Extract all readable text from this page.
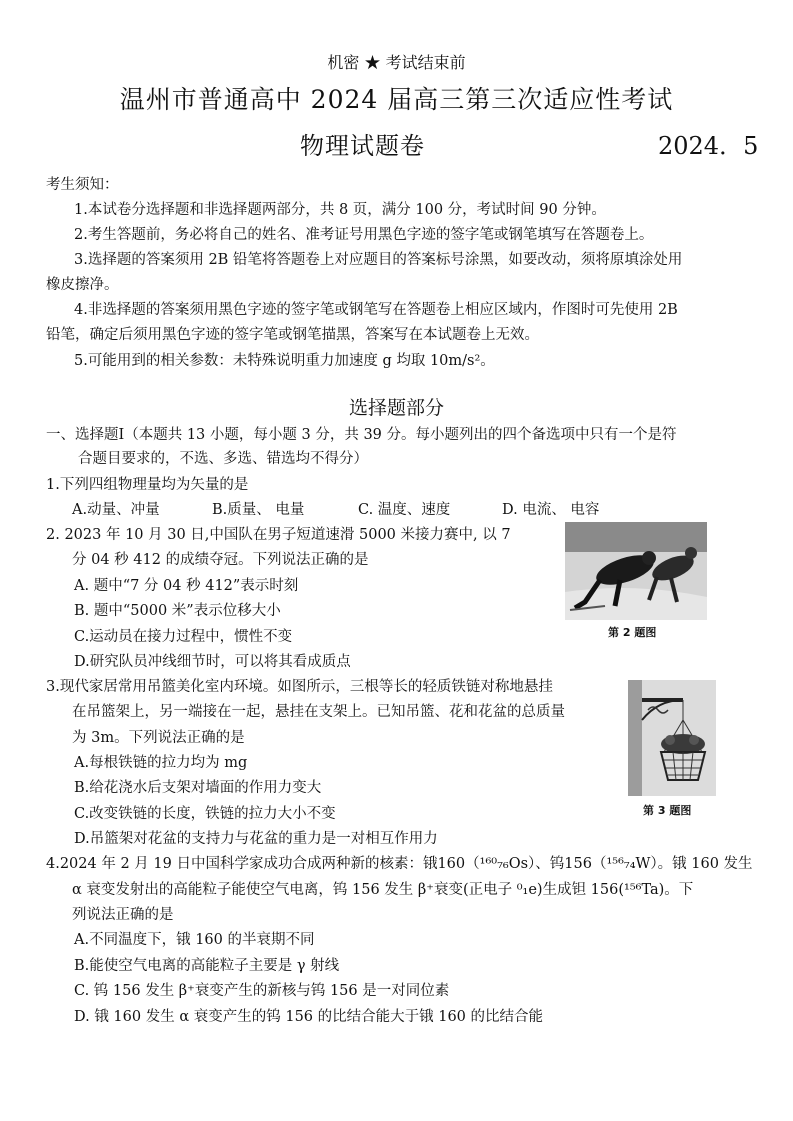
机密 ★ 考试结束前
温州市普通高中 2024 届高三第三次适应性考试
物理试题卷	2024．5
考生须知：
1.本试卷分选择题和非选择题两部分，共 8 页，满分 100 分，考试时间 90 分钟。
2.考生答题前，务必将自己的姓名、准考证号用黑色字迹的签字笔或钢笔填写在答题卷上。
3.选择题的答案须用 2B 铅笔将答题卷上对应题目的答案标号涂黑，如要改动，须将原填涂处用
橡皮擦净。
4.非选择题的答案须用黑色字迹的签字笔或钢笔写在答题卷上相应区域内，作图时可先使用 2B
铅笔，确定后须用黑色字迹的签字笔或钢笔描黑，答案写在本试题卷上无效。
5.可能用到的相关参数：未特殊说明重力加速度 g 均取 10m/s²。
选择题部分
一、选择题Ⅰ（本题共 13 小题，每小题 3 分，共 39 分。每小题列出的四个备选项中只有一个是符
合题目要求的，不选、多选、错选均不得分）
1.下列四组物理量均为矢量的是
A.动量、冲量	B.质量、 电量	C. 温度、速度	D. 电流、 电容
2. 2023 年 10 月 30 日,中国队在男子短道速滑 5000 米接力赛中, 以 7
分 04 秒 412 的成绩夺冠。下列说法正确的是
A. 题中“7 分 04 秒 412”表示时刻
B. 题中“5000 米”表示位移大小
C.运动员在接力过程中，惯性不变
D.研究队员冲线细节时，可以将其看成质点
第 2 题图
3.现代家居常用吊篮美化室内环境。如图所示，三根等长的轻质铁链对称地悬挂
在吊篮架上，另一端接在一起，悬挂在支架上。已知吊篮、花和花盆的总质量
为 3m。下列说法正确的是
A.每根铁链的拉力均为 mg
B.给花浇水后支架对墙面的作用力变大
C.改变铁链的长度，铁链的拉力大小不变
D.吊篮架对花盆的支持力与花盆的重力是一对相互作用力
第 3 题图
4.2024 年 2 月 19 日中国科学家成功合成两种新的核素：锇160（¹⁶⁰₇₆Os）、钨156（¹⁵⁶₇₄W）。锇 160 发生
α 衰变发射出的高能粒子能使空气电离，钨 156 发生 β⁺衰变(正电子 ⁰₁e)生成钽 156(¹⁵⁶Ta)。下
列说法正确的是
A.不同温度下，锇 160 的半衰期不同
B.能使空气电离的高能粒子主要是 γ 射线
C. 钨 156 发生 β⁺衰变产生的新核与钨 156 是一对同位素
D. 锇 160 发生 α 衰变产生的钨 156 的比结合能大于锇 160 的比结合能
